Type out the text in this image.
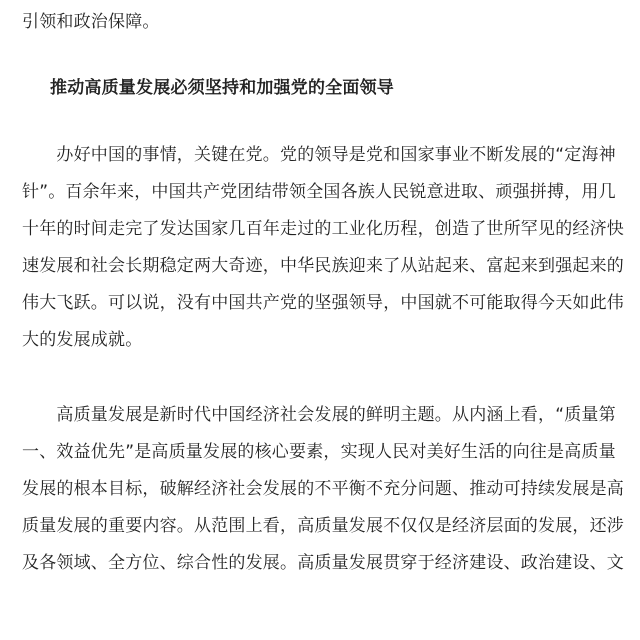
引领和政治保障。
推动高质量发展必须坚持和加强党的全面领导
　　办好中国的事情，关键在党。党的领导是党和国家事业不断发展的“定海神
针”。百余年来，中国共产党团结带领全国各族人民锐意进取、顽强拼搏，用几
十年的时间走完了发达国家几百年走过的工业化历程，创造了世所罕见的经济快
速发展和社会长期稳定两大奇迹，中华民族迎来了从站起来、富起来到强起来的
伟大飞跃。可以说，没有中国共产党的坚强领导，中国就不可能取得今天如此伟
大的发展成就。
　　高质量发展是新时代中国经济社会发展的鲜明主题。从内涵上看，“质量第
一、效益优先”是高质量发展的核心要素，实现人民对美好生活的向往是高质量
发展的根本目标，破解经济社会发展的不平衡不充分问题、推动可持续发展是高
质量发展的重要内容。从范围上看，高质量发展不仅仅是经济层面的发展，还涉
及各领域、全方位、综合性的发展。高质量发展贯穿于经济建设、政治建设、文
